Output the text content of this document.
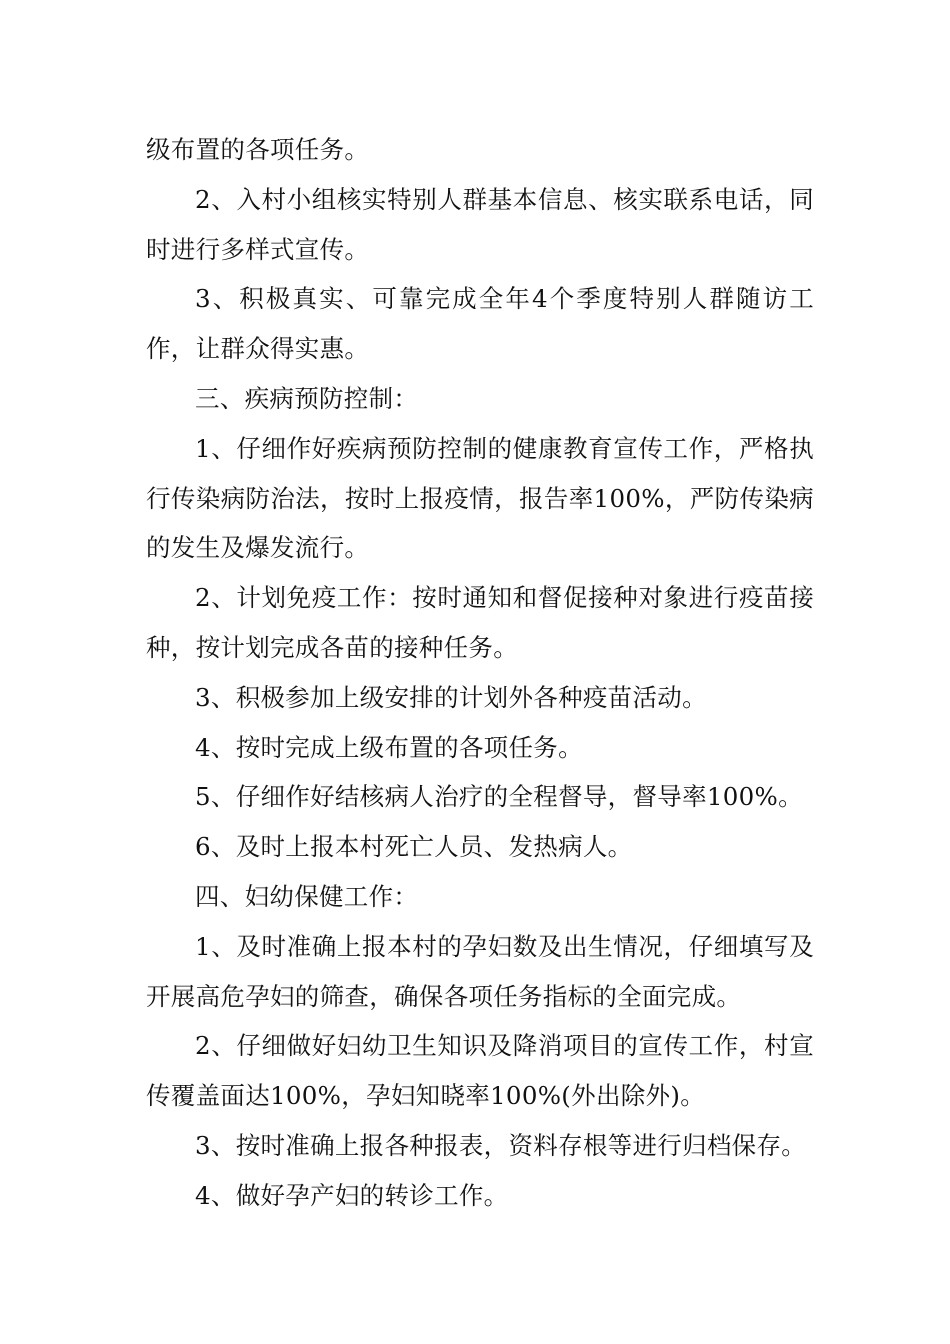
级布置的各项任务。

2、入村小组核实特别人群基本信息、核实联系电话，同时进行多样式宣传。

3、积极真实、可靠完成全年4个季度特别人群随访工作，让群众得实惠。

三、疾病预防控制：

1、仔细作好疾病预防控制的健康教育宣传工作，严格执行传染病防治法，按时上报疫情，报告率100%，严防传染病的发生及爆发流行。

2、计划免疫工作：按时通知和督促接种对象进行疫苗接种，按计划完成各苗的接种任务。

3、积极参加上级安排的计划外各种疫苗活动。

4、按时完成上级布置的各项任务。

5、仔细作好结核病人治疗的全程督导，督导率100%。

6、及时上报本村死亡人员、发热病人。

四、妇幼保健工作：

1、及时准确上报本村的孕妇数及出生情况，仔细填写及开展高危孕妇的筛查，确保各项任务指标的全面完成。

2、仔细做好妇幼卫生知识及降消项目的宣传工作，村宣传覆盖面达100%，孕妇知晓率100%(外出除外)。

3、按时准确上报各种报表，资料存根等进行归档保存。

4、做好孕产妇的转诊工作。
